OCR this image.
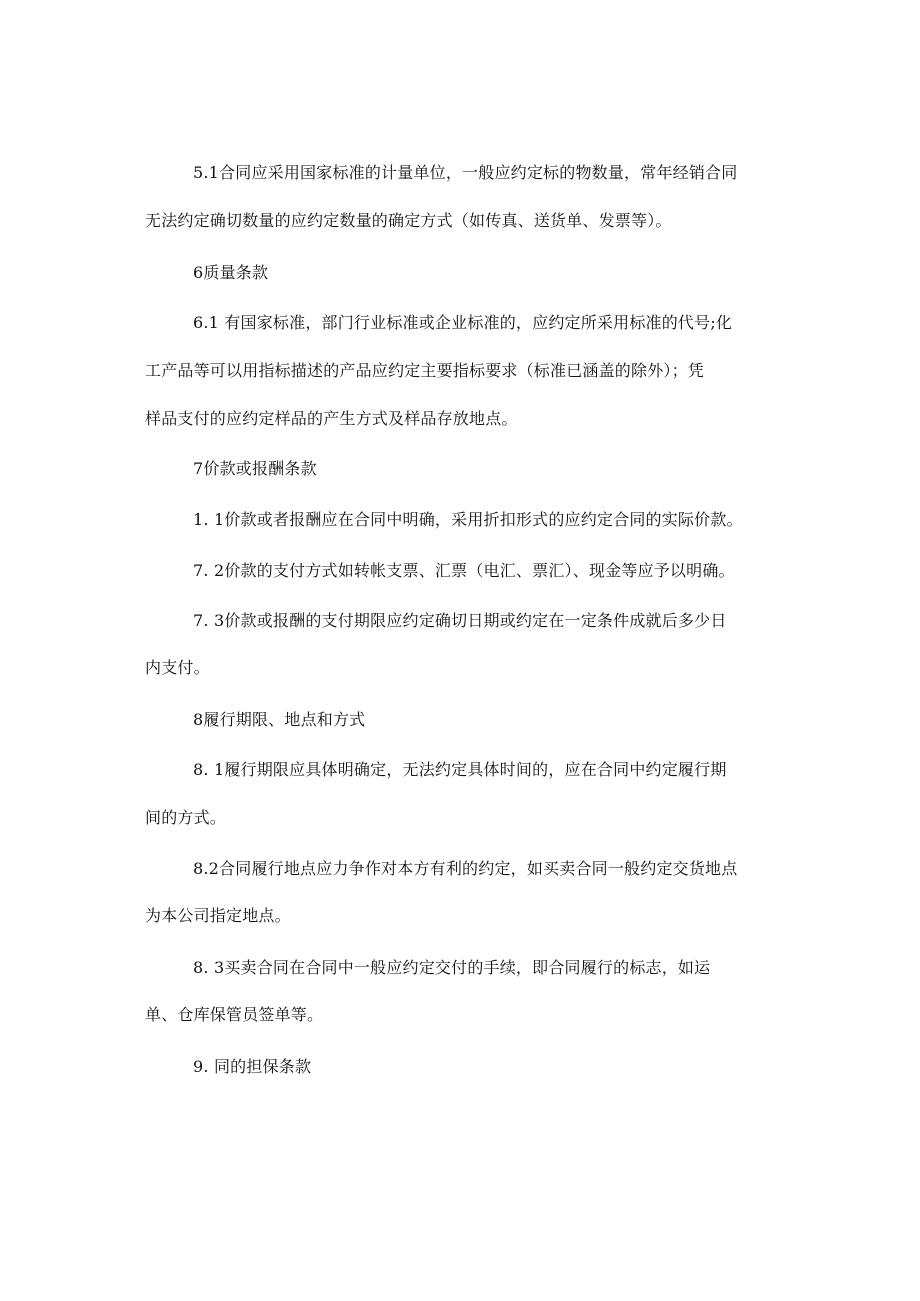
5.1合同应采用国家标准的计量单位，一般应约定标的物数量，常年经销合同
无法约定确切数量的应约定数量的确定方式（如传真、送货单、发票等）。
6质量条款
6.1 有国家标准，部门行业标准或企业标准的，应约定所采用标准的代号;化
工产品等可以用指标描述的产品应约定主要指标要求（标准已涵盖的除外）；凭
样品支付的应约定样品的产生方式及样品存放地点。
7价款或报酬条款
1. 1价款或者报酬应在合同中明确，采用折扣形式的应约定合同的实际价款。
7. 2价款的支付方式如转帐支票、汇票（电汇、票汇）、现金等应予以明确。
7. 3价款或报酬的支付期限应约定确切日期或约定在一定条件成就后多少日
内支付。
8履行期限、地点和方式
8. 1履行期限应具体明确定，无法约定具体时间的，应在合同中约定履行期
间的方式。
8.2合同履行地点应力争作对本方有利的约定，如买卖合同一般约定交货地点
为本公司指定地点。
8. 3买卖合同在合同中一般应约定交付的手续，即合同履行的标志，如运
单、仓库保管员签单等。
9. 同的担保条款
